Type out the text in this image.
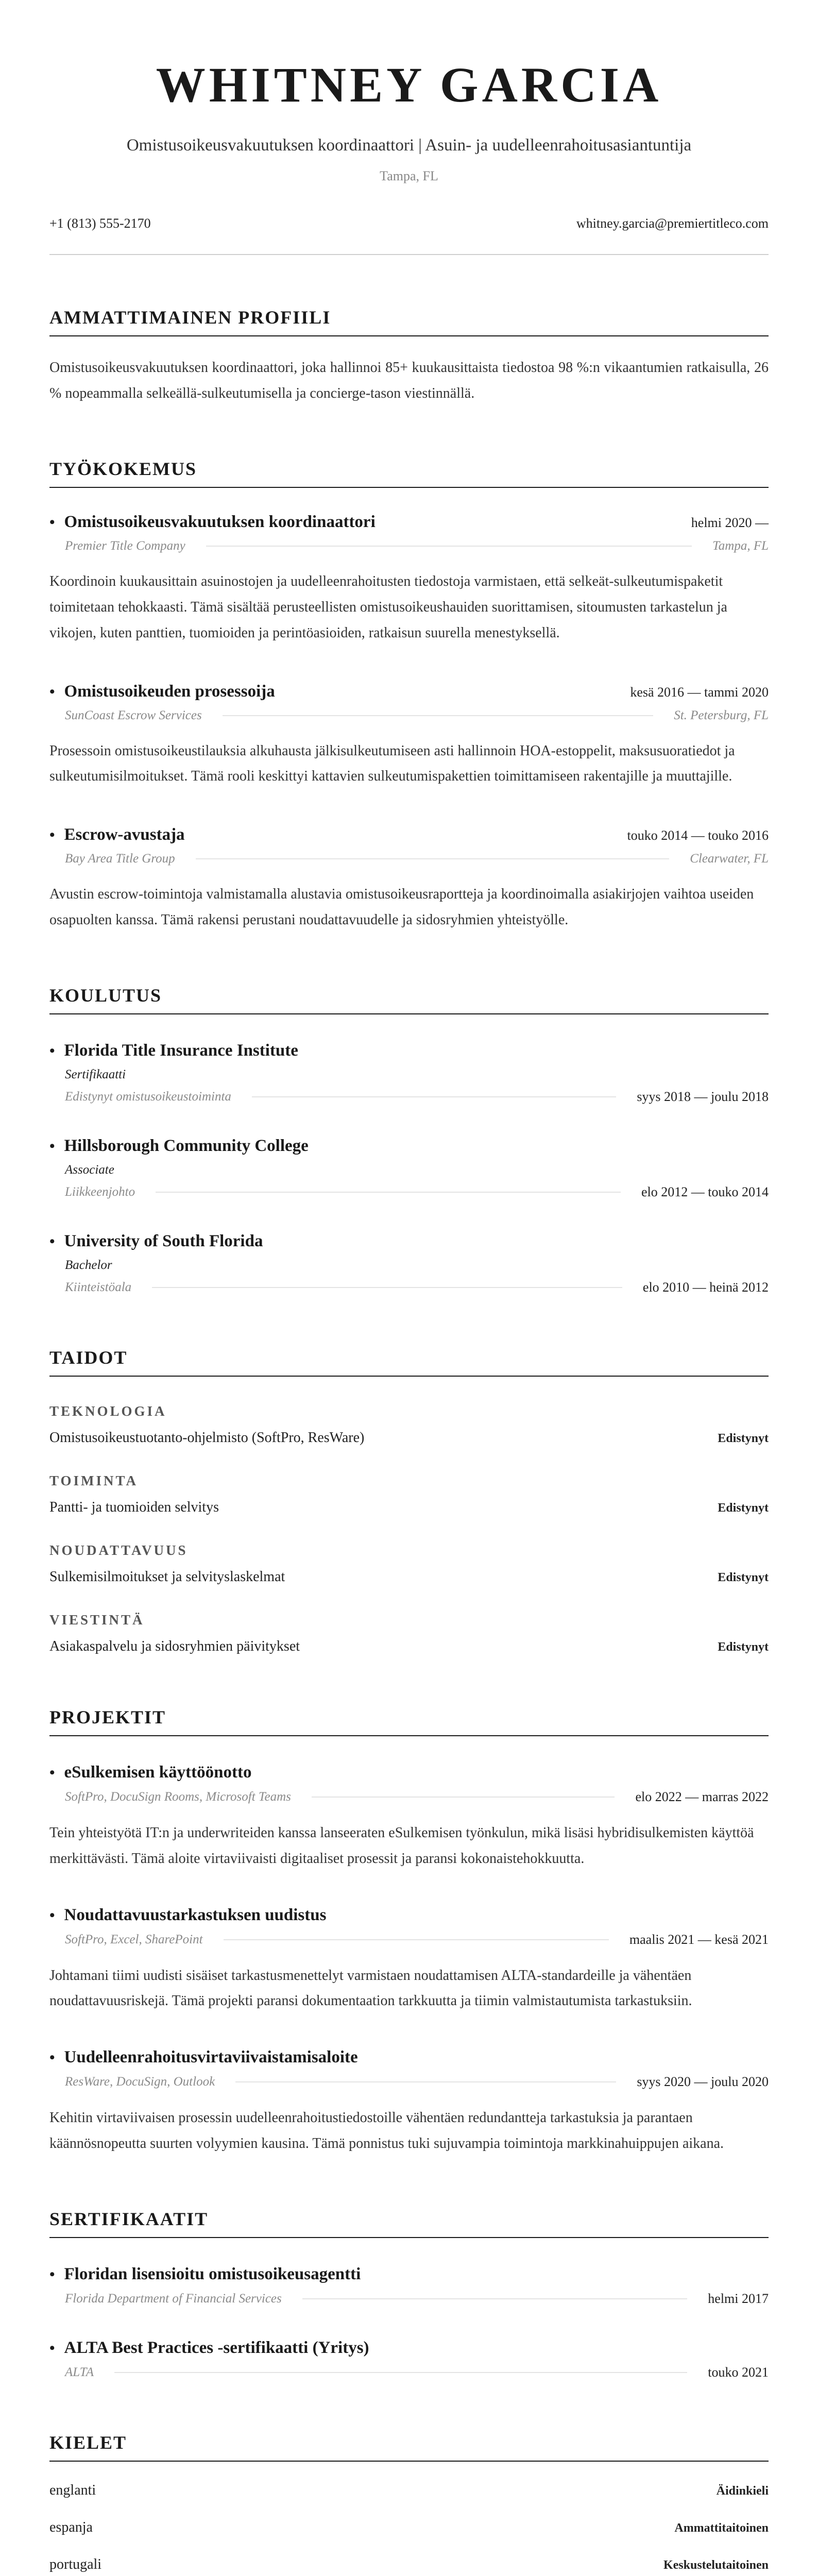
WHITNEY GARCIA
Omistusoikeusvakuutuksen koordinaattori | Asuin- ja uudelleenrahoitusasiantuntija
Tampa, FL
+1 (813) 555-2170	whitney.garcia@premiertitleco.com
AMMATTIMAINEN PROFIILI
Omistusoikeusvakuutuksen koordinaattori, joka hallinnoi 85+ kuukausittaista tiedostoa 98 %:n vikaantumien ratkaisulla, 26 % nopeammalla selkeällä-sulkeutumisella ja concierge-tason viestinnällä.
TYÖKOKEMUS
• Omistusoikeusvakuutuksen koordinaattori	helmi 2020 —
Premier Title Company	Tampa, FL
Koordinoin kuukausittain asuinostojen ja uudelleenrahoitusten tiedostoja varmistaen, että selkeät-sulkeutumispaketit toimitetaan tehokkaasti. Tämä sisältää perusteellisten omistusoikeushauiden suorittamisen, sitoumusten tarkastelun ja vikojen, kuten panttien, tuomioiden ja perintöasioiden, ratkaisun suurella menestyksellä.
• Omistusoikeuden prosessoija	kesä 2016 — tammi 2020
SunCoast Escrow Services	St. Petersburg, FL
Prosessoin omistusoikeustilauksia alkuhausta jälkisulkeutumiseen asti hallinnoin HOA-estoppelit, maksusuoratiedot ja sulkeutumisilmoitukset. Tämä rooli keskittyi kattavien sulkeutumispakettien toimittamiseen rakentajille ja muuttajille.
• Escrow-avustaja	touko 2014 — touko 2016
Bay Area Title Group	Clearwater, FL
Avustin escrow-toimintoja valmistamalla alustavia omistusoikeusraportteja ja koordinoimalla asiakirjojen vaihtoa useiden osapuolten kanssa. Tämä rakensi perustani noudattavuudelle ja sidosryhmien yhteistyölle.
KOULUTUS
• Florida Title Insurance Institute
Sertifikaatti
Edistynyt omistusoikeustoiminta	syys 2018 — joulu 2018
• Hillsborough Community College
Associate
Liikkeenjohto	elo 2012 — touko 2014
• University of South Florida
Bachelor
Kiinteistöala	elo 2010 — heinä 2012
TAIDOT
TEKNOLOGIA
Omistusoikeustuotanto-ohjelmisto (SoftPro, ResWare)	Edistynyt
TOIMINTA
Pantti- ja tuomioiden selvitys	Edistynyt
NOUDATTAVUUS
Sulkemisilmoitukset ja selvityslaskelmat	Edistynyt
VIESTINTÄ
Asiakaspalvelu ja sidosryhmien päivitykset	Edistynyt
PROJEKTIT
• eSulkemisen käyttöönotto
SoftPro, DocuSign Rooms, Microsoft Teams	elo 2022 — marras 2022
Tein yhteistyötä IT:n ja underwriteiden kanssa lanseeraten eSulkemisen työnkulun, mikä lisäsi hybridisulkemisten käyttöä merkittävästi. Tämä aloite virtaviivaisti digitaaliset prosessit ja paransi kokonaistehokkuutta.
• Noudattavuustarkastuksen uudistus
SoftPro, Excel, SharePoint	maalis 2021 — kesä 2021
Johtamani tiimi uudisti sisäiset tarkastusmenettelyt varmistaen noudattamisen ALTA-standardeille ja vähentäen noudattavuusriskejä. Tämä projekti paransi dokumentaation tarkkuutta ja tiimin valmistautumista tarkastuksiin.
• Uudelleenrahoitusvirtaviivaistamisaloite
ResWare, DocuSign, Outlook	syys 2020 — joulu 2020
Kehitin virtaviivaisen prosessin uudelleenrahoitustiedostoille vähentäen redundantteja tarkastuksia ja parantaen käännösnopeutta suurten volyymien kausina. Tämä ponnistus tuki sujuvampia toimintoja markkinahuippujen aikana.
SERTIFIKAATIT
• Floridan lisensioitu omistusoikeusagentti
Florida Department of Financial Services	helmi 2017
• ALTA Best Practices -sertifikaatti (Yritys)
ALTA	touko 2021
KIELET
englanti	Äidinkieli
espanja	Ammattitaitoinen
portugali	Keskustelutaitoinen
